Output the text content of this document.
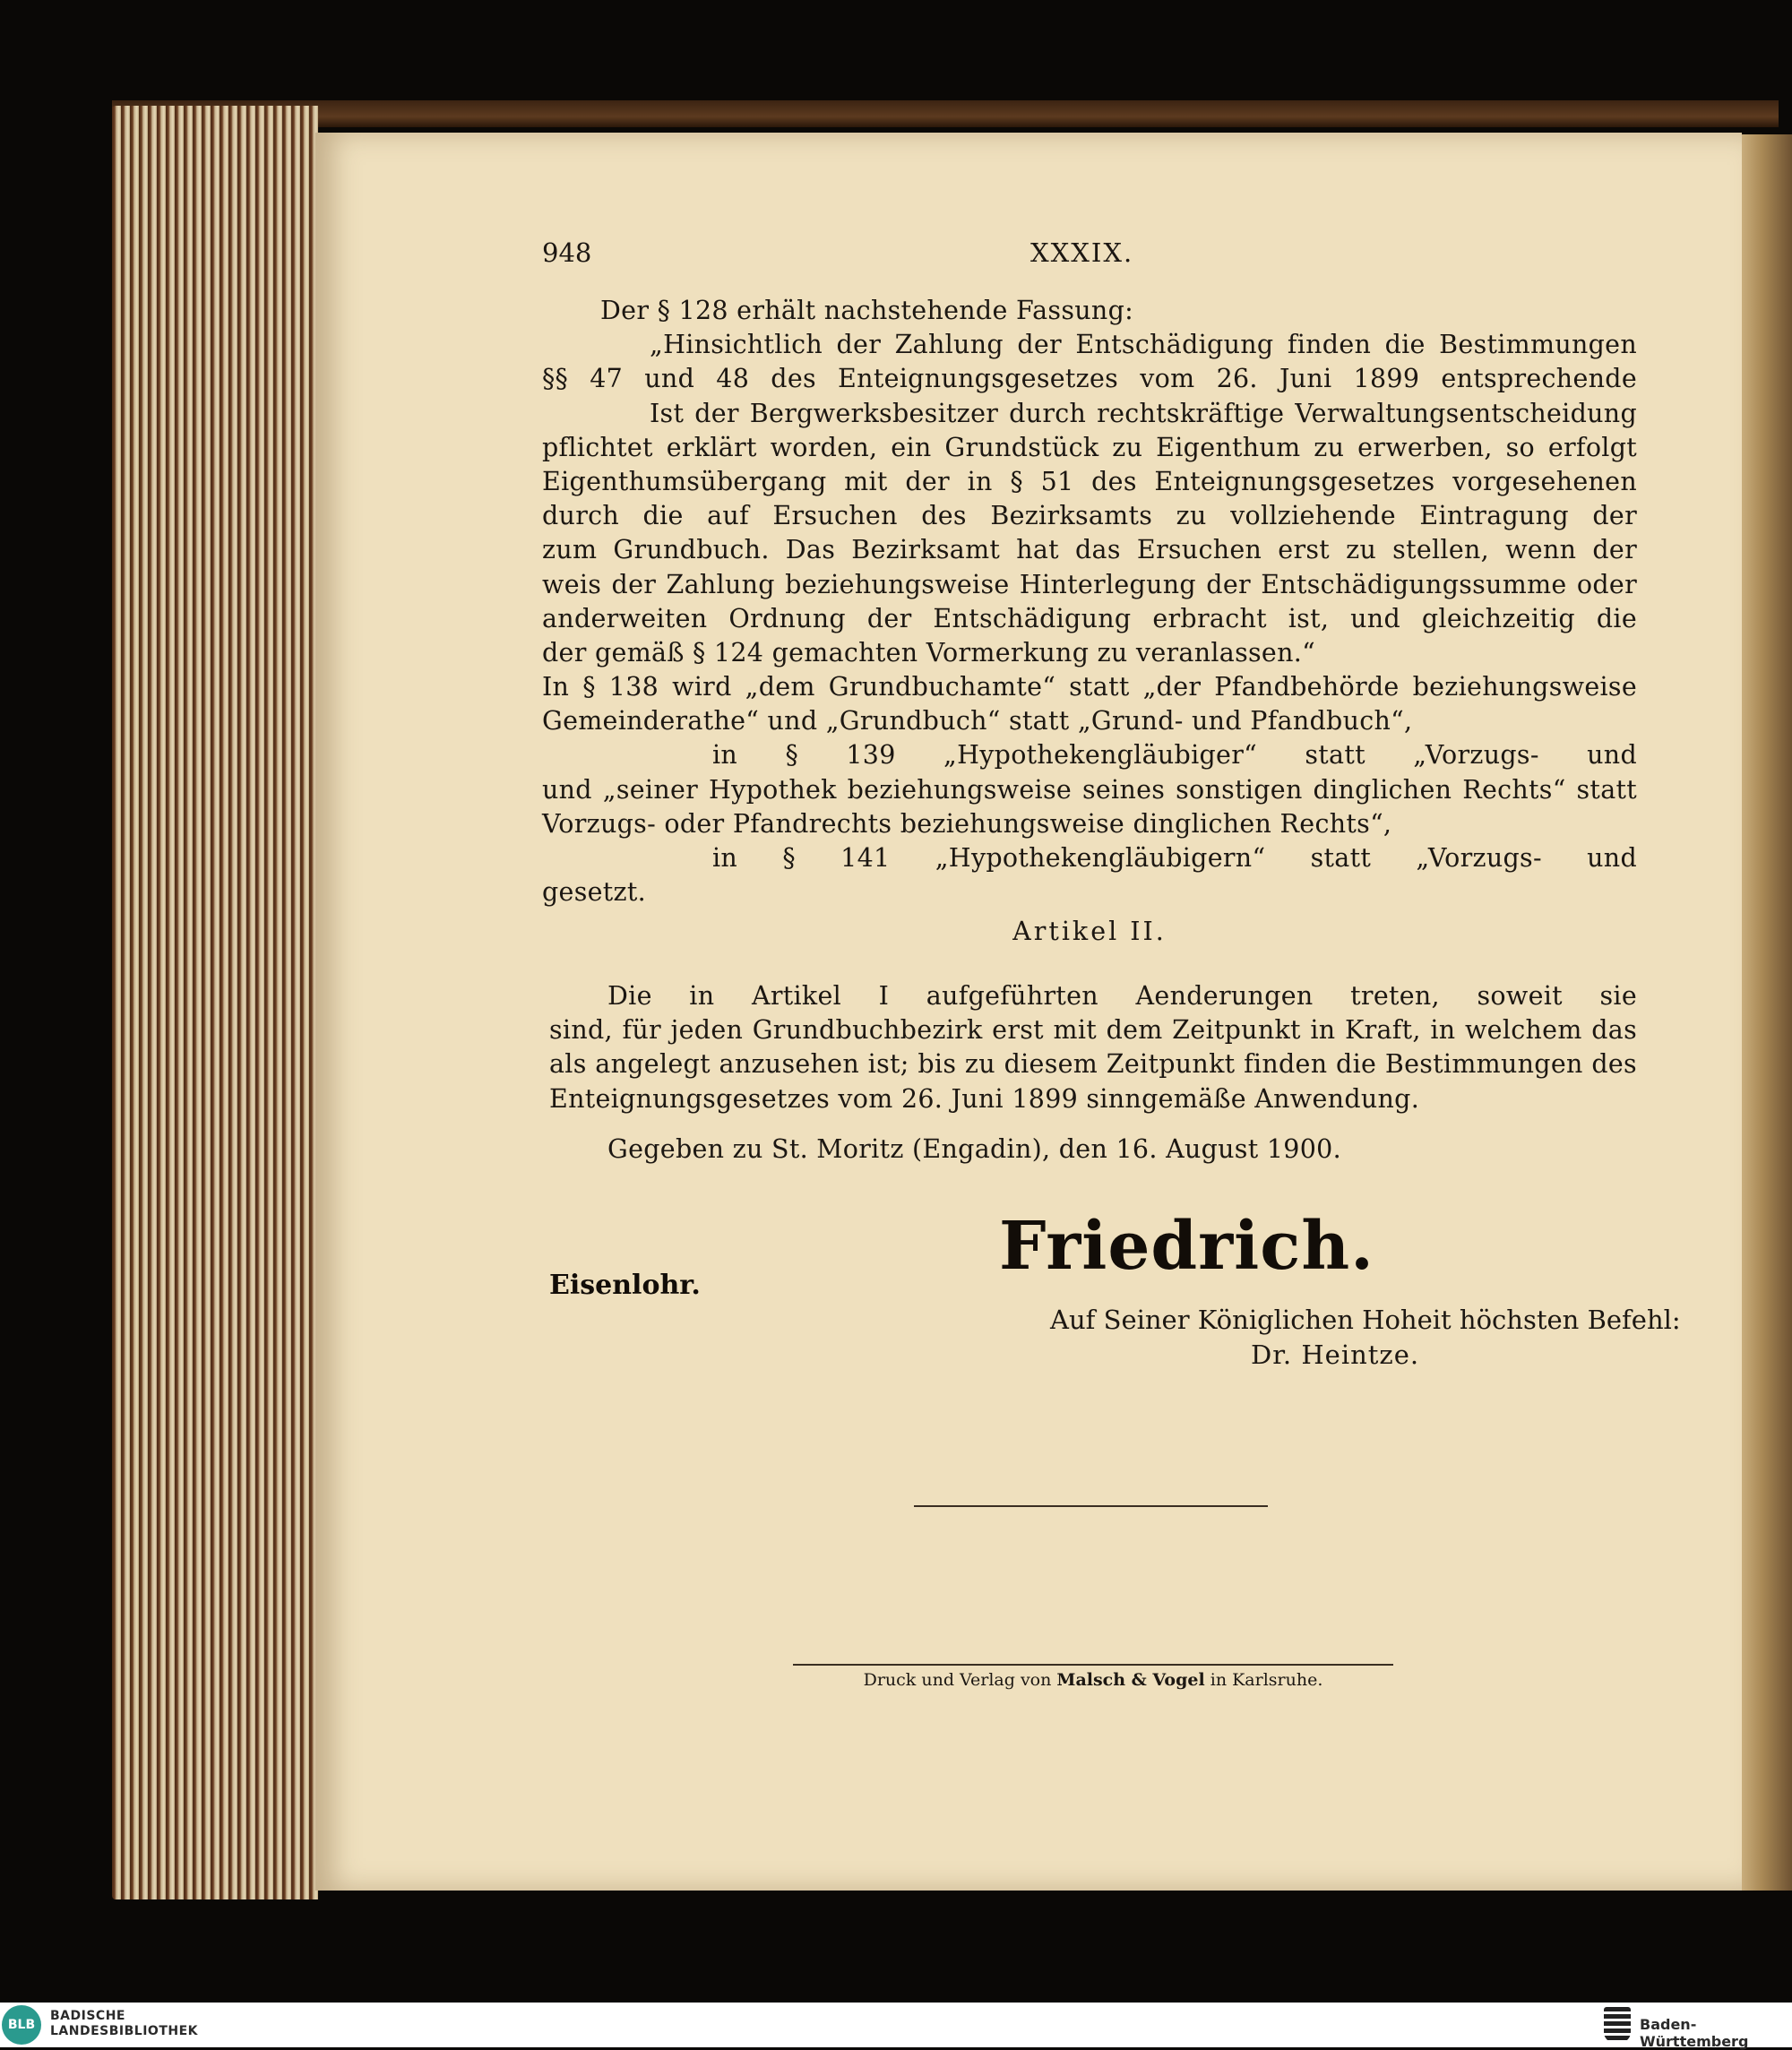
948	XXXIX.
Der § 128 erhält nachstehende Fassung:
„Hinsichtlich der Zahlung der Entschädigung finden die Bestimmungen
§§ 47 und 48 des Enteignungsgesetzes vom 26. Juni 1899 entsprechende
Ist der Bergwerksbesitzer durch rechtskräftige Verwaltungsentscheidung
pflichtet erklärt worden, ein Grundstück zu Eigenthum zu erwerben, so erfolgt
Eigenthumsübergang mit der in § 51 des Enteignungsgesetzes vorgesehenen
durch die auf Ersuchen des Bezirksamts zu vollziehende Eintragung der
zum Grundbuch. Das Bezirksamt hat das Ersuchen erst zu stellen, wenn der
weis der Zahlung beziehungsweise Hinterlegung der Entschädigungssumme oder
anderweiten Ordnung der Entschädigung erbracht ist, und gleichzeitig die
der gemäß § 124 gemachten Vormerkung zu veranlassen.“
In § 138 wird „dem Grundbuchamte“ statt „der Pfandbehörde beziehungsweise
Gemeinderathe“ und „Grundbuch“ statt „Grund- und Pfandbuch“,
in § 139 „Hypothekengläubiger“ statt „Vorzugs- und
und „seiner Hypothek beziehungsweise seines sonstigen dinglichen Rechts“ statt
Vorzugs- oder Pfandrechts beziehungsweise dinglichen Rechts“,
in § 141 „Hypothekengläubigern“ statt „Vorzugs- und
gesetzt.
Artikel II.
Die in Artikel I aufgeführten Aenderungen treten, soweit sie
sind, für jeden Grundbuchbezirk erst mit dem Zeitpunkt in Kraft, in welchem das
als angelegt anzusehen ist; bis zu diesem Zeitpunkt finden die Bestimmungen des
Enteignungsgesetzes vom 26. Juni 1899 sinngemäße Anwendung.
Gegeben zu St. Moritz (Engadin), den 16. August 1900.
Friedrich.
Eisenlohr.
Auf Seiner Königlichen Hoheit höchsten Befehl:
Dr. Heintze.
Druck und Verlag von Malsch & Vogel in Karlsruhe.
BLB
BADISCHE
LANDESBIBLIOTHEK	Baden-Württemberg
